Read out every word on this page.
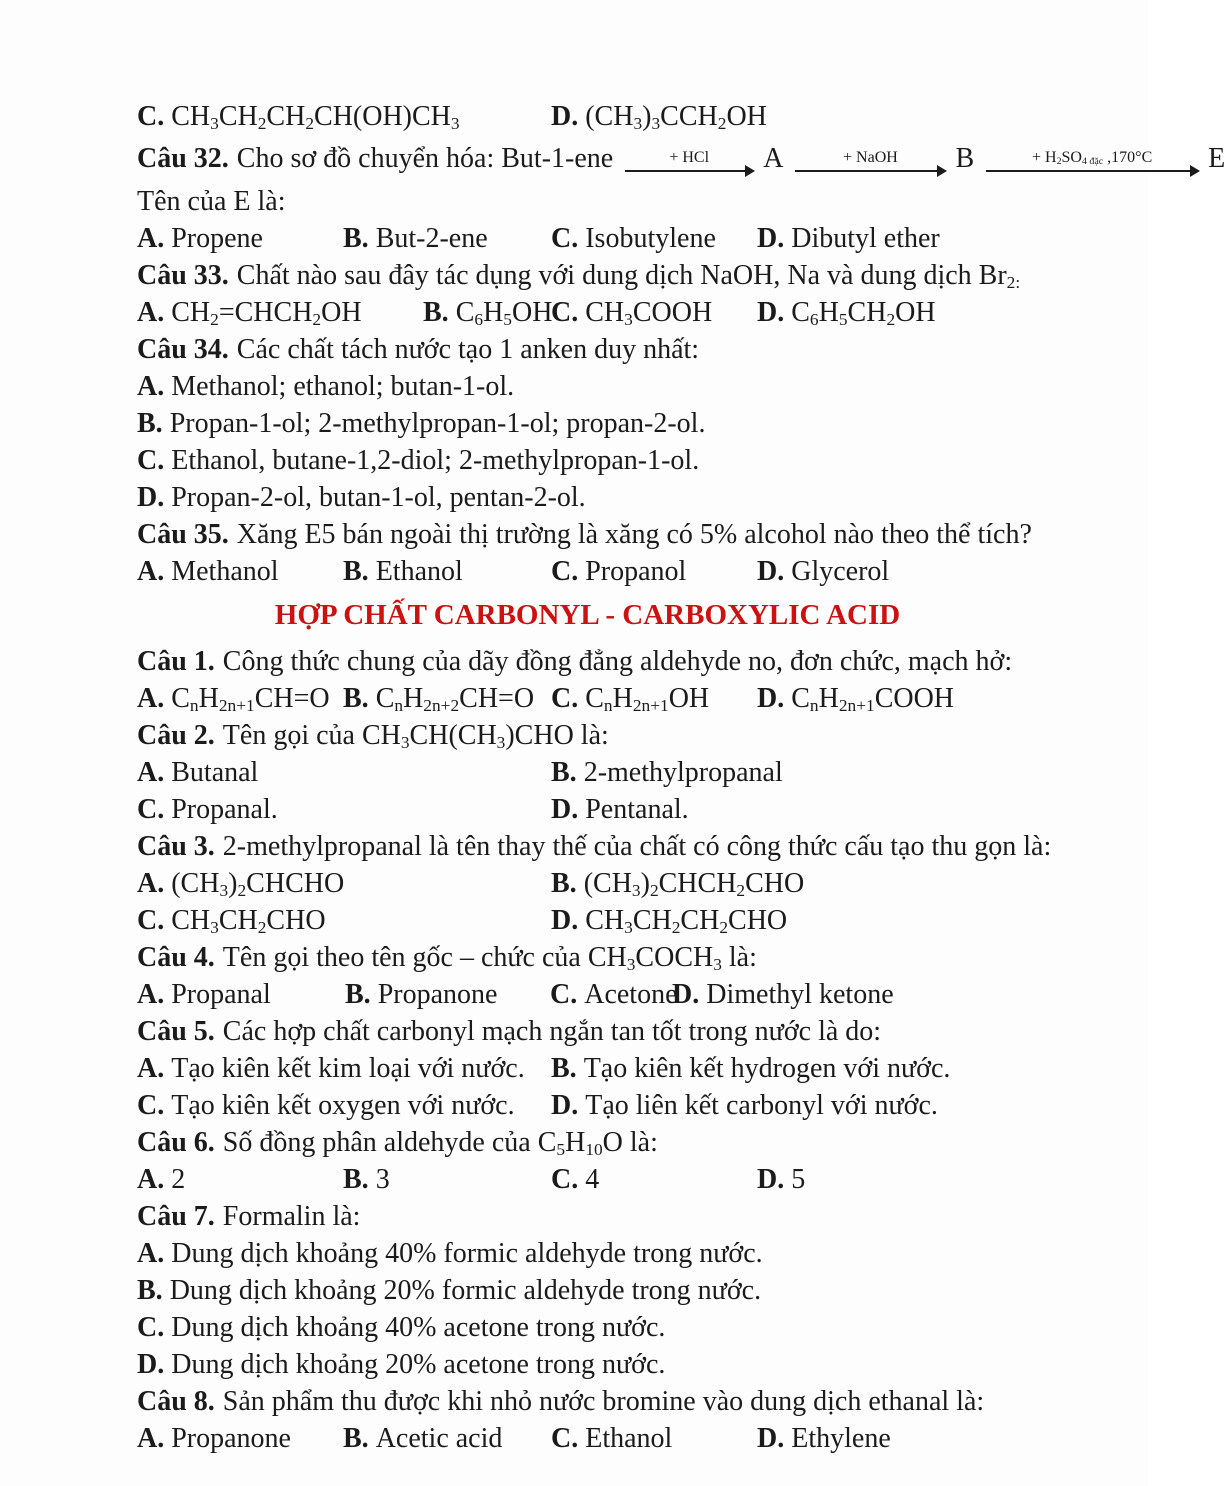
C. $CH_3CH_2CH_2CH(OH)CH_3$	D. $(CH_3)_3CCH_2OH$
Câu 32. Cho sơ đồ chuyển hóa: But-1-ene	+ HCl	A	+ NaOH	B	+ $H_2SO_{4 đặc}$ ,170°C	E
Tên của E là:
A. Propene	B. But-2-ene	C. Isobutylene	D. Dibutyl ether
Câu 33. Chất nào sau đây tác dụng với dung dịch NaOH, Na và dung dịch $Br_{2:}$
A. $CH_2=CHCH_2OH$	B. $C_6H_5OH$
C. $CH_3COOH$	D. $C_6H_5CH_2OH$
Câu 34. Các chất tách nước tạo 1 anken duy nhất:
A. Methanol; ethanol; butan-1-ol.
B. Propan-1-ol; 2-methylpropan-1-ol; propan-2-ol.
C. Ethanol, butane-1,2-diol; 2-methylpropan-1-ol.
D. Propan-2-ol, butan-1-ol, pentan-2-ol.
Câu 35. Xăng E5 bán ngoài thị trường là xăng có 5% alcohol nào theo thể tích?
A. Methanol	B. Ethanol	C. Propanol	D. Glycerol
HỢP CHẤT CARBONYL - CARBOXYLIC ACID
Câu 1. Công thức chung của dãy đồng đẳng aldehyde no, đơn chức, mạch hở:
A. $C_nH_{2n+1}CH=O$ B. $C_nH_{2n+2}CH=O$ C. $C_nH_{2n+1}OH$	D. $C_nH_{2n+1}COOH$
Câu 2. Tên gọi của $CH_3CH(CH_3)CHO$ là:
A. Butanal	B. 2-methylpropanal
C. Propanal.	D. Pentanal.
Câu 3. 2-methylpropanal là tên thay thế của chất có công thức cấu tạo thu gọn là:
A. $(CH_3)_2CHCHO$	B. $(CH_3)_2CHCH_2CHO$
C. $CH_3CH_2CHO$	D. $CH_3CH_2CH_2CHO$
Câu 4. Tên gọi theo tên gốc – chức của $CH_3COCH_3$ là:
A. Propanal	B. Propanone	C. Acetone
D. Dimethyl ketone
Câu 5. Các hợp chất carbonyl mạch ngắn tan tốt trong nước là do:
A. Tạo kiên kết kim loại với nước. B. Tạo kiên kết hydrogen với nước.
C. Tạo kiên kết oxygen với nước.	D. Tạo liên kết carbonyl với nước.
Câu 6. Số đồng phân aldehyde của $C_5H_{10}O$ là:
A. 2	B. 3	C. 4	D. 5
Câu 7. Formalin là:
A. Dung dịch khoảng 40% formic aldehyde trong nước.
B. Dung dịch khoảng 20% formic aldehyde trong nước.
C. Dung dịch khoảng 40% acetone trong nước.
D. Dung dịch khoảng 20% acetone trong nước.
Câu 8. Sản phẩm thu được khi nhỏ nước bromine vào dung dịch ethanal là:
A. Propanone	B. Acetic acid	C. Ethanol	D. Ethylene
